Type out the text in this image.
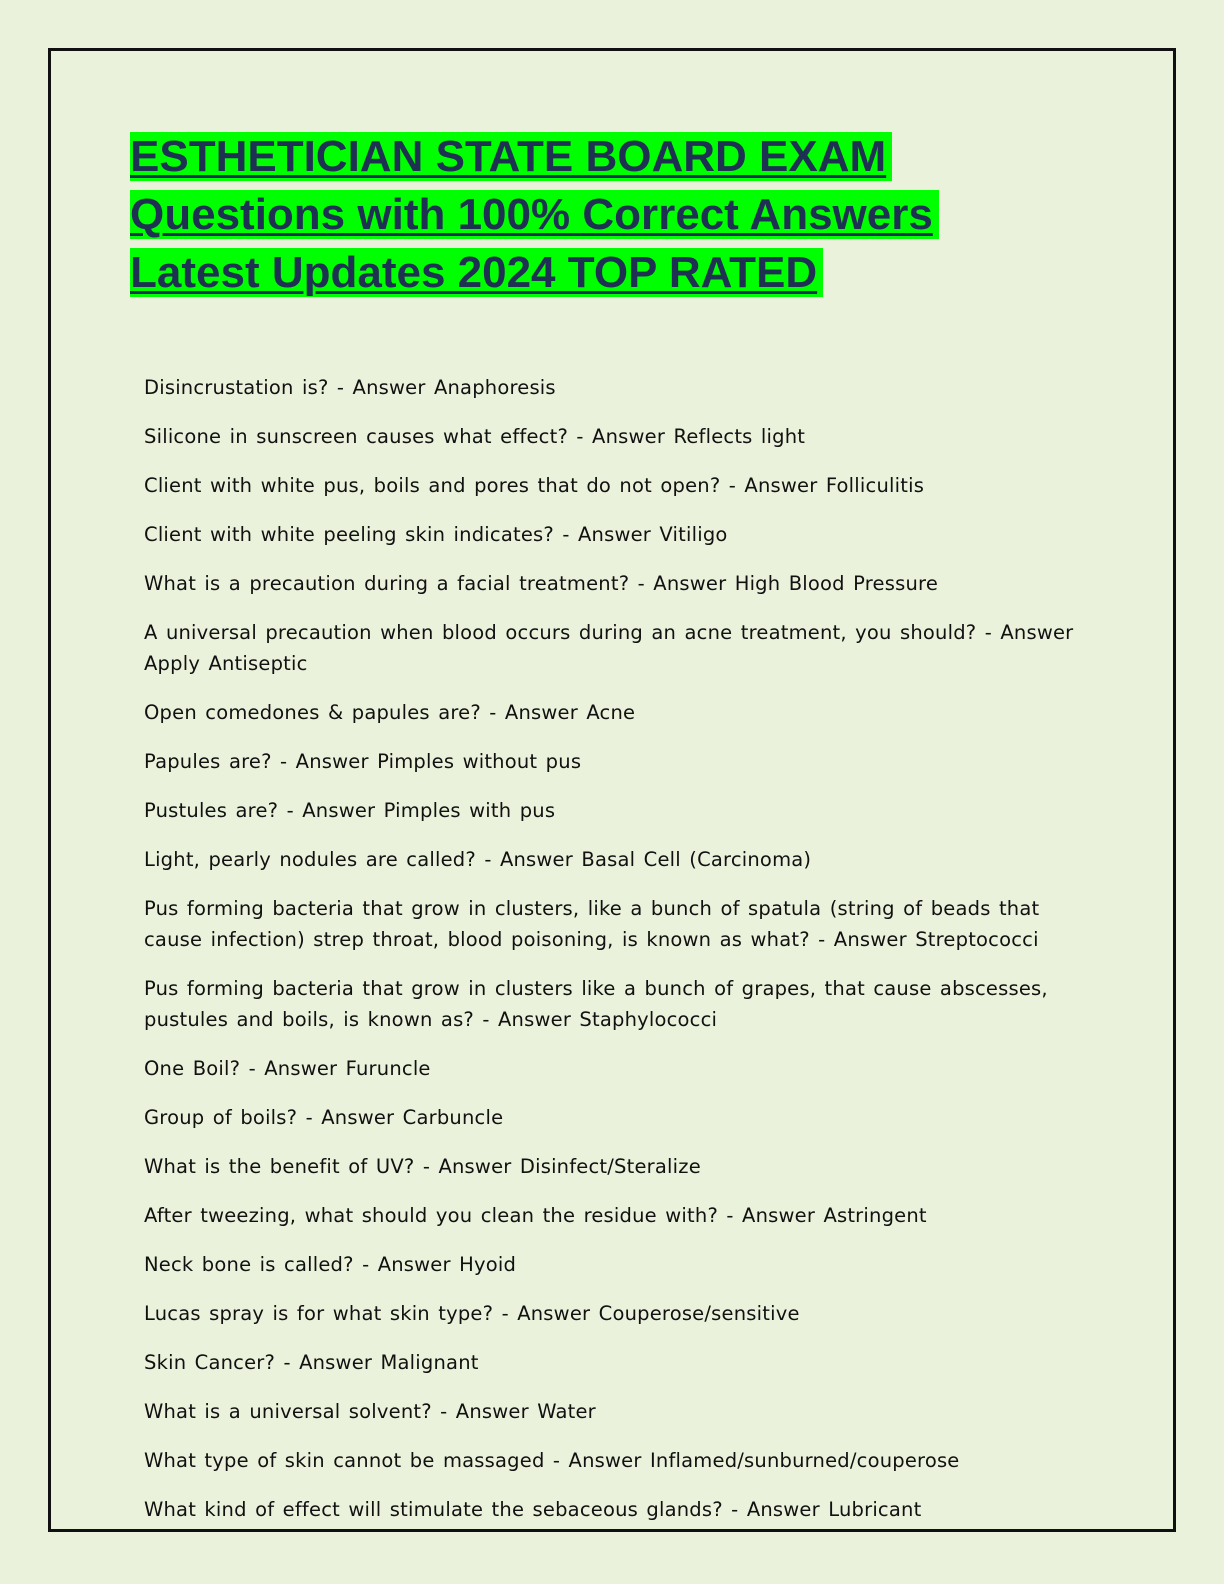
ESTHETICIAN STATE BOARD EXAM
Questions with 100% Correct Answers
Latest Updates 2024 TOP RATED
Disincrustation is? - Answer Anaphoresis
Silicone in sunscreen causes what effect? - Answer Reflects light
Client with white pus, boils and pores that do not open? - Answer Folliculitis
Client with white peeling skin indicates? - Answer Vitiligo
What is a precaution during a facial treatment? - Answer High Blood Pressure
A universal precaution when blood occurs during an acne treatment, you should? - Answer Apply Antiseptic
Open comedones & papules are? - Answer Acne
Papules are? - Answer Pimples without pus
Pustules are? - Answer Pimples with pus
Light, pearly nodules are called? - Answer Basal Cell (Carcinoma)
Pus forming bacteria that grow in clusters, like a bunch of spatula (string of beads that cause infection) strep throat, blood poisoning, is known as what? - Answer Streptococci
Pus forming bacteria that grow in clusters like a bunch of grapes, that cause abscesses, pustules and boils, is known as? - Answer Staphylococci
One Boil? - Answer Furuncle
Group of boils? - Answer Carbuncle
What is the benefit of UV? - Answer Disinfect/Steralize
After tweezing, what should you clean the residue with? - Answer Astringent
Neck bone is called? - Answer Hyoid
Lucas spray is for what skin type? - Answer Couperose/sensitive
Skin Cancer? - Answer Malignant
What is a universal solvent? - Answer Water
What type of skin cannot be massaged - Answer Inflamed/sunburned/couperose
What kind of effect will stimulate the sebaceous glands? - Answer Lubricant
